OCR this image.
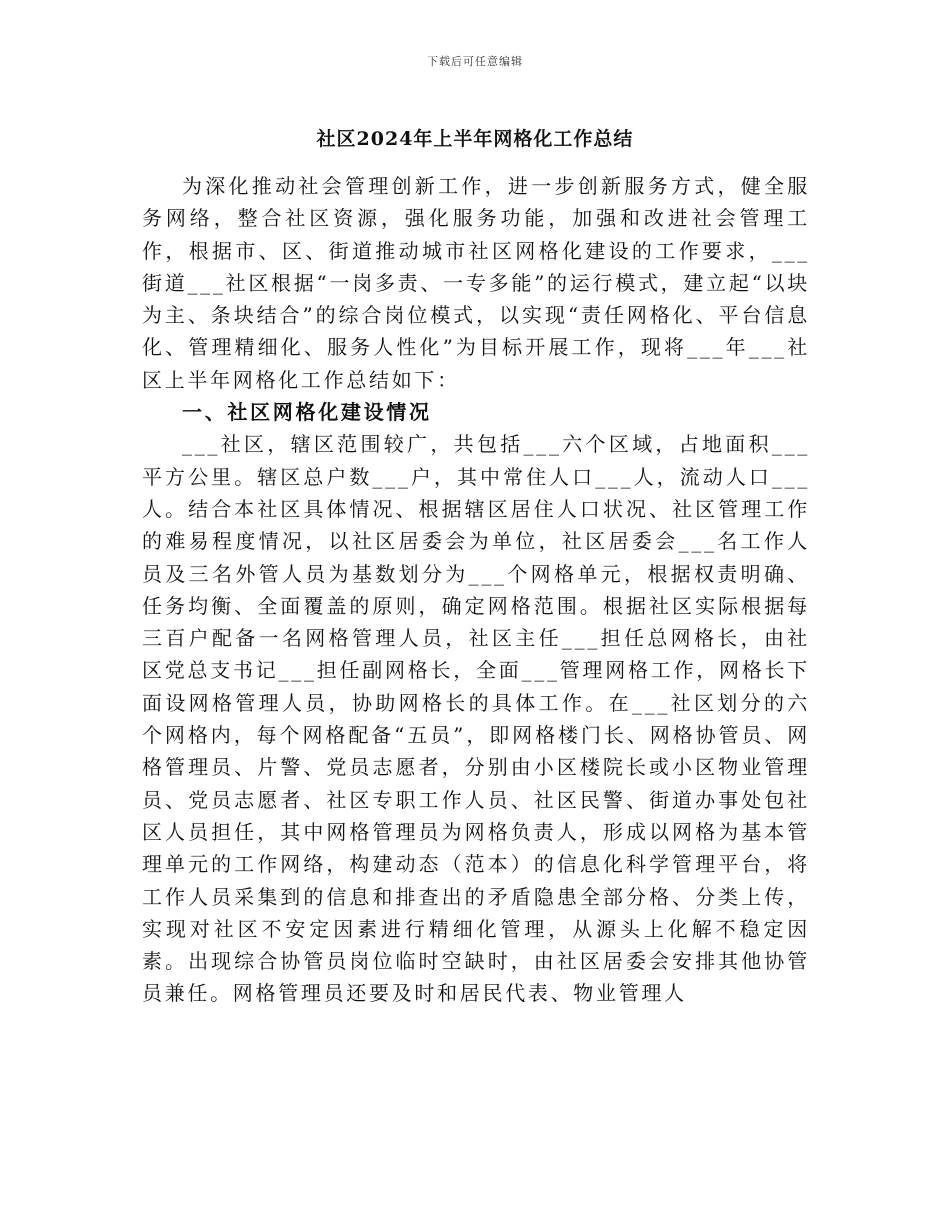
下载后可任意编辑
社区2024年上半年网格化工作总结

为深化推动社会管理创新工作，进一步创新服务方式，健全服务网络，整合社区资源，强化服务功能，加强和改进社会管理工作，根据市、区、街道推动城市社区网格化建设的工作要求，___街道___社区根据“一岗多责、一专多能”的运行模式，建立起“以块为主、条块结合”的综合岗位模式，以实现“责任网格化、平台信息化、管理精细化、服务人性化”为目标开展工作，现将___年___社区上半年网格化工作总结如下：

一、社区网格化建设情况

___社区，辖区范围较广，共包括___六个区域，占地面积___平方公里。辖区总户数___户，其中常住人口___人，流动人口___人。结合本社区具体情况、根据辖区居住人口状况、社区管理工作的难易程度情况，以社区居委会为单位，社区居委会___名工作人员及三名外管人员为基数划分为___个网格单元，根据权责明确、任务均衡、全面覆盖的原则，确定网格范围。根据社区实际根据每三百户配备一名网格管理人员，社区主任___担任总网格长，由社区党总支书记___担任副网格长，全面___管理网格工作，网格长下面设网格管理人员，协助网格长的具体工作。在___社区划分的六个网格内，每个网格配备“五员”，即网格楼门长、网格协管员、网格管理员、片警、党员志愿者，分别由小区楼院长或小区物业管理员、党员志愿者、社区专职工作人员、社区民警、街道办事处包社区人员担任，其中网格管理员为网格负责人，形成以网格为基本管理单元的工作网络，构建动态（范本）的信息化科学管理平台，将工作人员采集到的信息和排查出的矛盾隐患全部分格、分类上传，实现对社区不安定因素进行精细化管理，从源头上化解不稳定因素。出现综合协管员岗位临时空缺时，由社区居委会安排其他协管员兼任。网格管理员还要及时和居民代表、物业管理人
